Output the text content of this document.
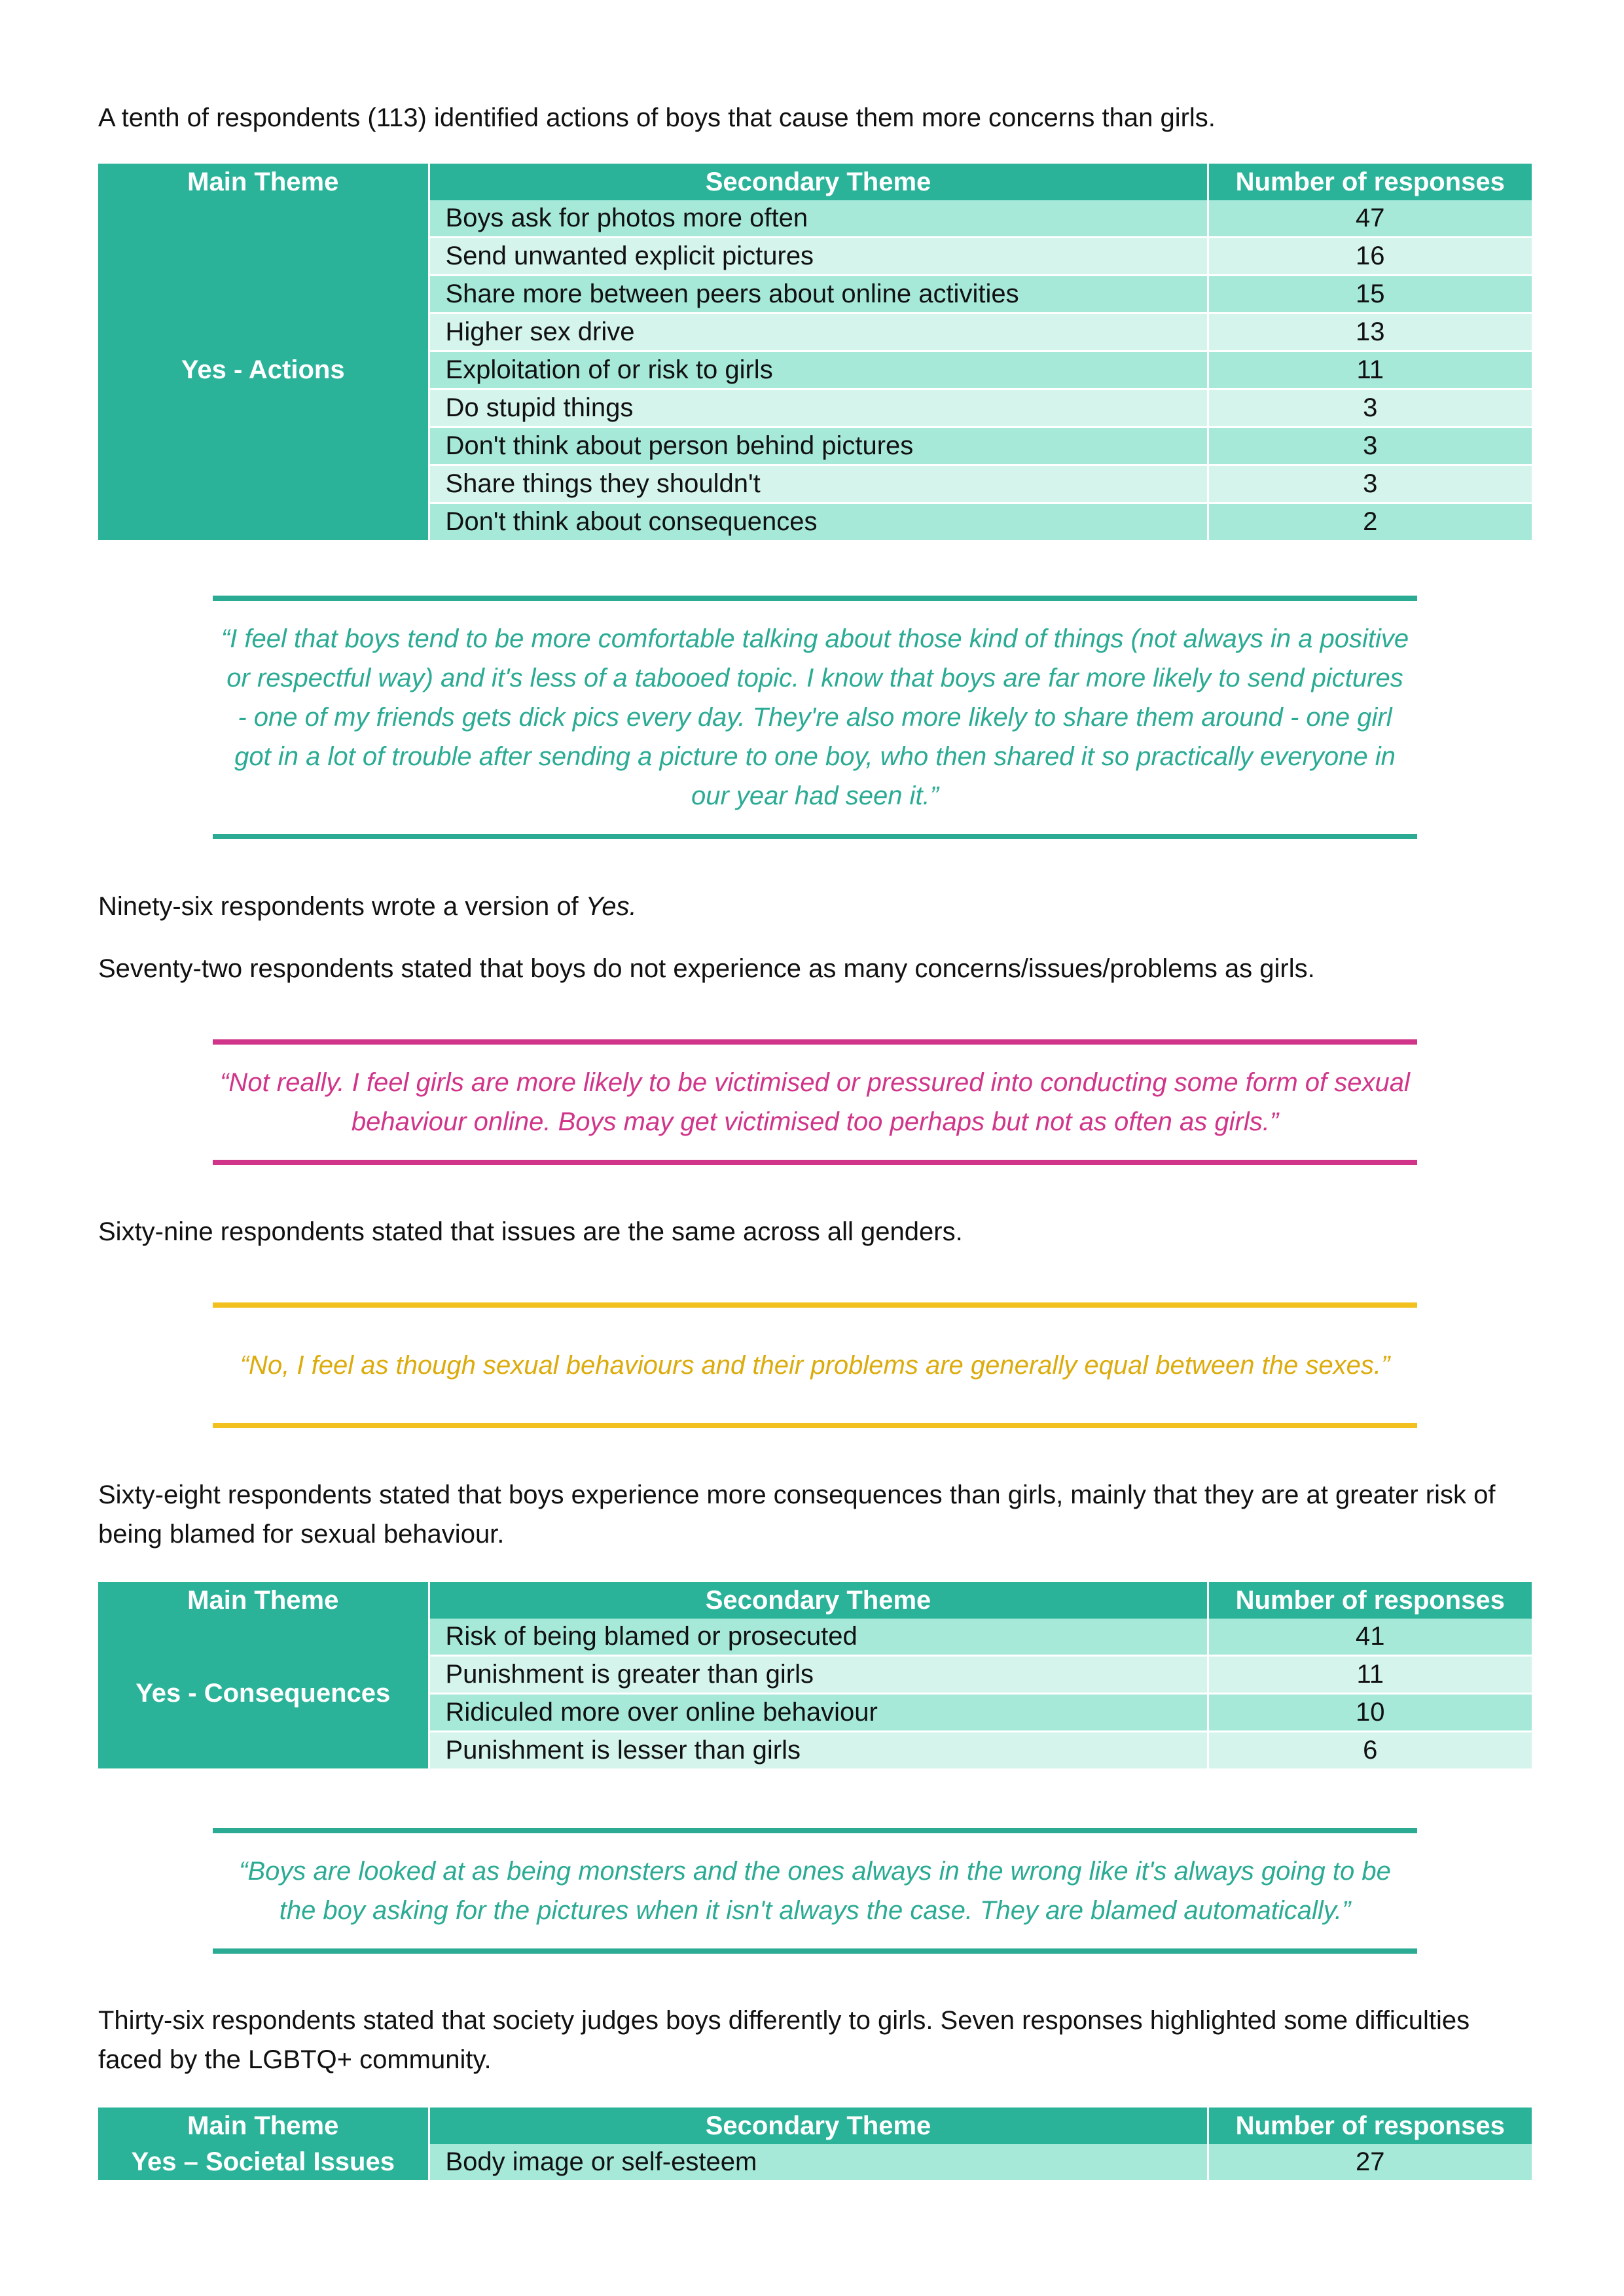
A tenth of respondents (113) identified actions of boys that cause them more concerns than girls.

Main Theme	Secondary Theme	Number of responses
Yes - Actions	Boys ask for photos more often	47
	Send unwanted explicit pictures	16
	Share more between peers about online activities	15
	Higher sex drive	13
	Exploitation of or risk to girls	11
	Do stupid things	3
	Don't think about person behind pictures	3
	Share things they shouldn't	3
	Don't think about consequences	2

“I feel that boys tend to be more comfortable talking about those kind of things (not always in a positive or respectful way) and it's less of a tabooed topic. I know that boys are far more likely to send pictures - one of my friends gets dick pics every day. They're also more likely to share them around - one girl got in a lot of trouble after sending a picture to one boy, who then shared it so practically everyone in our year had seen it.”

Ninety-six respondents wrote a version of Yes.

Seventy-two respondents stated that boys do not experience as many concerns/issues/problems as girls.

“Not really. I feel girls are more likely to be victimised or pressured into conducting some form of sexual behaviour online. Boys may get victimised too perhaps but not as often as girls.”

Sixty-nine respondents stated that issues are the same across all genders.

“No, I feel as though sexual behaviours and their problems are generally equal between the sexes.”

Sixty-eight respondents stated that boys experience more consequences than girls, mainly that they are at greater risk of being blamed for sexual behaviour.

Main Theme	Secondary Theme	Number of responses
Yes - Consequences	Risk of being blamed or prosecuted	41
	Punishment is greater than girls	11
	Ridiculed more over online behaviour	10
	Punishment is lesser than girls	6

“Boys are looked at as being monsters and the ones always in the wrong like it's always going to be the boy asking for the pictures when it isn't always the case. They are blamed automatically.”

Thirty-six respondents stated that society judges boys differently to girls. Seven responses highlighted some difficulties faced by the LGBTQ+ community.

Main Theme	Secondary Theme	Number of responses
Yes – Societal Issues	Body image or self-esteem	27
